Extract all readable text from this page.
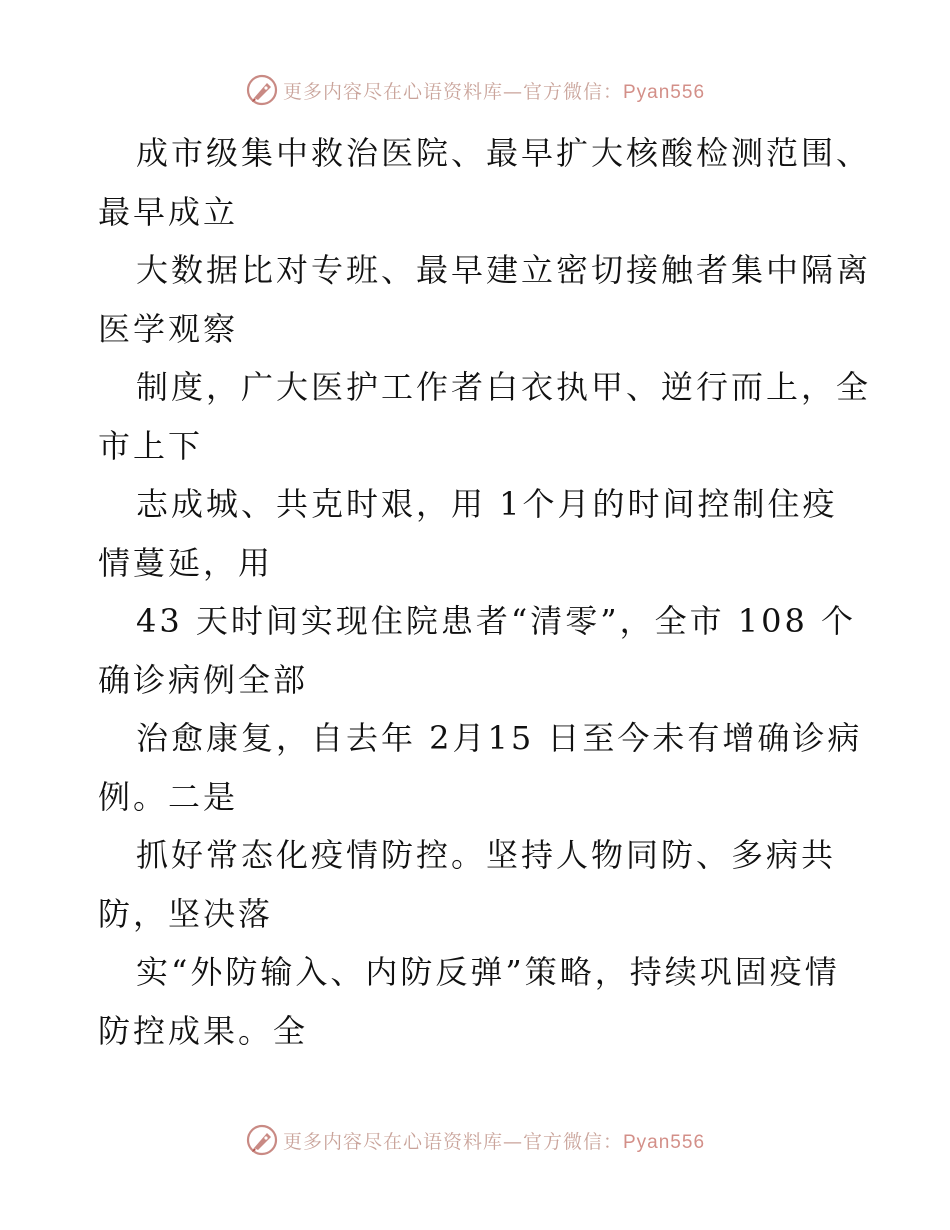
更多内容尽在心语资料库—官方微信：Pyan556
成市级集中救治医院、最早扩大核酸检测范围、
最早成立
大数据比对专班、最早建立密切接触者集中隔离
医学观察
制度，广大医护工作者白衣执甲、逆行而上，全
市上下
志成城、共克时艰，用 1个月的时间控制住疫
情蔓延，用
43 天时间实现住院患者“清零”，全市 108 个
确诊病例全部
治愈康复，自去年 2月15 日至今未有增确诊病
例。二是
抓好常态化疫情防控。坚持人物同防、多病共
防，坚决落
实“外防输入、内防反弹”策略，持续巩固疫情
防控成果。全
更多内容尽在心语资料库—官方微信：Pyan556
